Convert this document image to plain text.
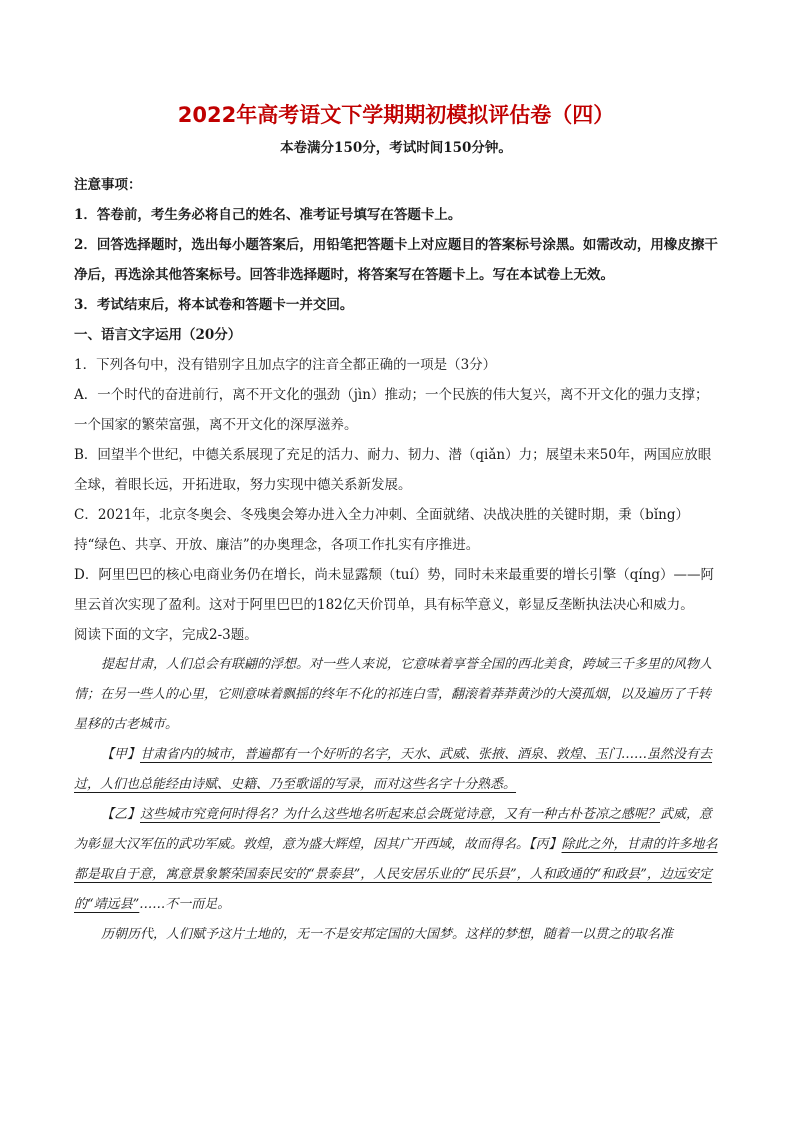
2022年高考语文下学期期初模拟评估卷（四）
本卷满分150分，考试时间150分钟。

注意事项：

1．答卷前，考生务必将自己的姓名、准考证号填写在答题卡上。

2．回答选择题时，选出每小题答案后，用铅笔把答题卡上对应题目的答案标号涂黑。如需改动，用橡皮擦干净后，再选涂其他答案标号。回答非选择题时，将答案写在答题卡上。写在本试卷上无效。

3．考试结束后，将本试卷和答题卡一并交回。

一、语言文字运用（20分）

1．下列各句中，没有错别字且加点字的注音全都正确的一项是（3分）

A．一个时代的奋进前行，离不开文化的强劲（jìn）推动；一个民族的伟大复兴，离不开文化的强力支撑；一个国家的繁荣富强，离不开文化的深厚滋养。

B．回望半个世纪，中德关系展现了充足的活力、耐力、韧力、潜（qiǎn）力；展望未来50年，两国应放眼全球，着眼长远，开拓进取，努力实现中德关系新发展。

C．2021年，北京冬奥会、冬残奥会筹办进入全力冲刺、全面就绪、决战决胜的关键时期，秉（bǐng）持“绿色、共享、开放、廉洁”的办奥理念，各项工作扎实有序推进。

D．阿里巴巴的核心电商业务仍在增长，尚未显露颓（tuí）势，同时未来最重要的增长引擎（qíng）——阿里云首次实现了盈利。这对于阿里巴巴的182亿天价罚单，具有标竿意义，彰显反垄断执法决心和威力。

阅读下面的文字，完成2-3题。

提起甘肃，人们总会有联翩的浮想。对一些人来说，它意味着享誉全国的西北美食，跨域三千多里的风物人情；在另一些人的心里，它则意味着飘摇的终年不化的祁连白雪，翻滚着莽莽黄沙的大漠孤烟，以及遍历了千转星移的古老城市。

【甲】甘肃省内的城市，普遍都有一个好听的名字，天水、武威、张掖、酒泉、敦煌、玉门……虽然没有去过，人们也总能经由诗赋、史籍、乃至歌谣的写录，而对这些名字十分熟悉。

【乙】这些城市究竟何时得名？为什么这些地名听起来总会既觉诗意，又有一种古朴苍凉之感呢？武威，意为彰显大汉军伍的武功军威。敦煌，意为盛大辉煌，因其广开西域，故而得名。【丙】除此之外，甘肃的许多地名都是取自于意，寓意景象繁荣国泰民安的“景泰县”，人民安居乐业的“民乐县”，人和政通的“和政县”，边远安定的“靖远县”……不一而足。

历朝历代，人们赋予这片土地的，无一不是安邦定国的大国梦。这样的梦想，随着一以贯之的取名准
